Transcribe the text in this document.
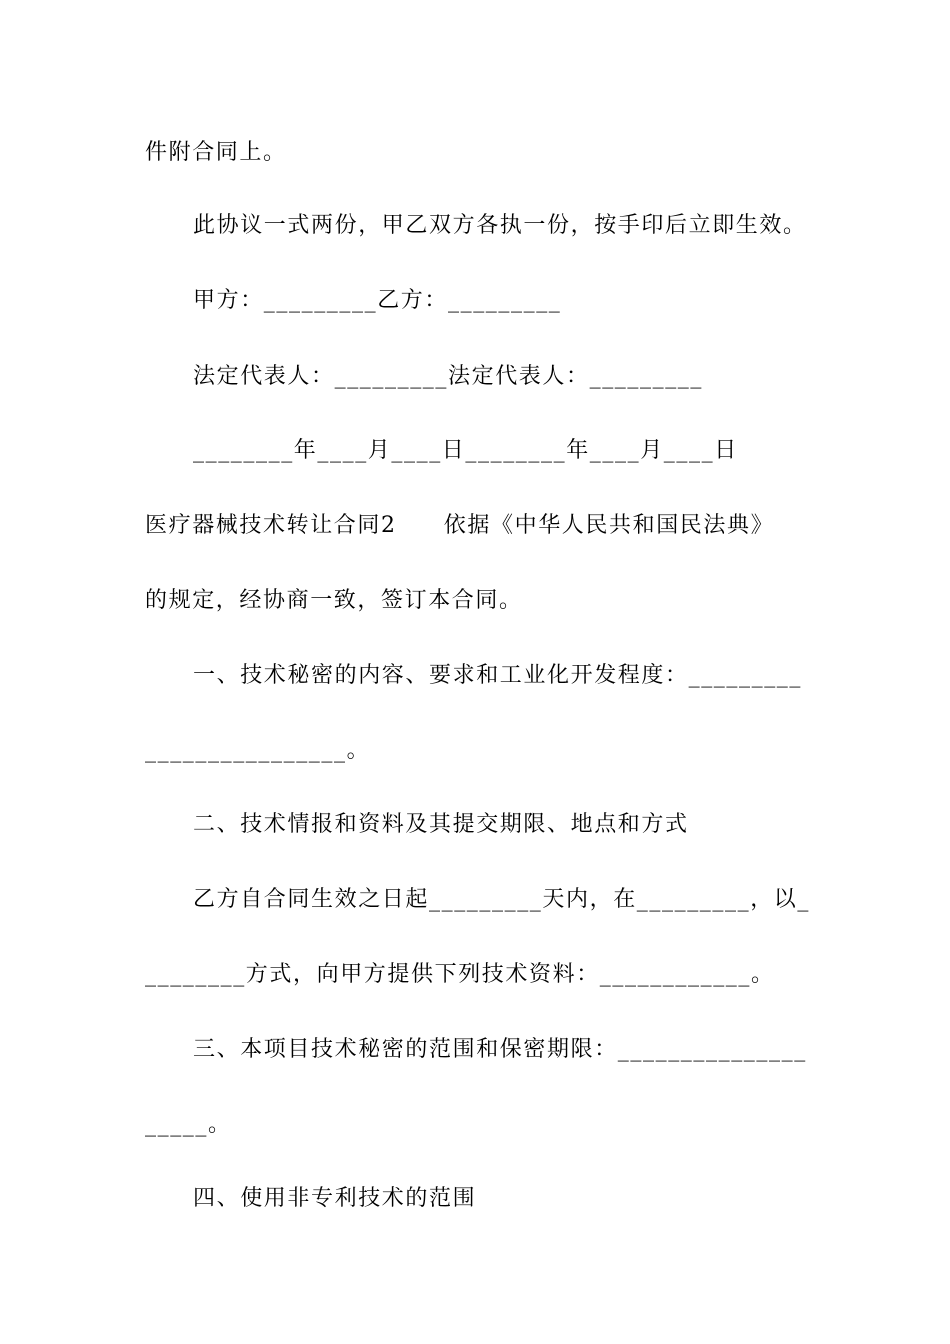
件附合同上。
此协议一式两份，甲乙双方各执一份，按手印后立即生效。
甲方：_________乙方：_________
法定代表人：_________法定代表人：_________
________年____月____日________年____月____日
医疗器械技术转让合同2　　依据《中华人民共和国民法典》
的规定，经协商一致，签订本合同。
一、技术秘密的内容、要求和工业化开发程度：_________
________________。
二、技术情报和资料及其提交期限、地点和方式
乙方自合同生效之日起_________天内，在_________，以_
________方式，向甲方提供下列技术资料：____________。
三、本项目技术秘密的范围和保密期限：_______________
_____。
四、使用非专利技术的范围
